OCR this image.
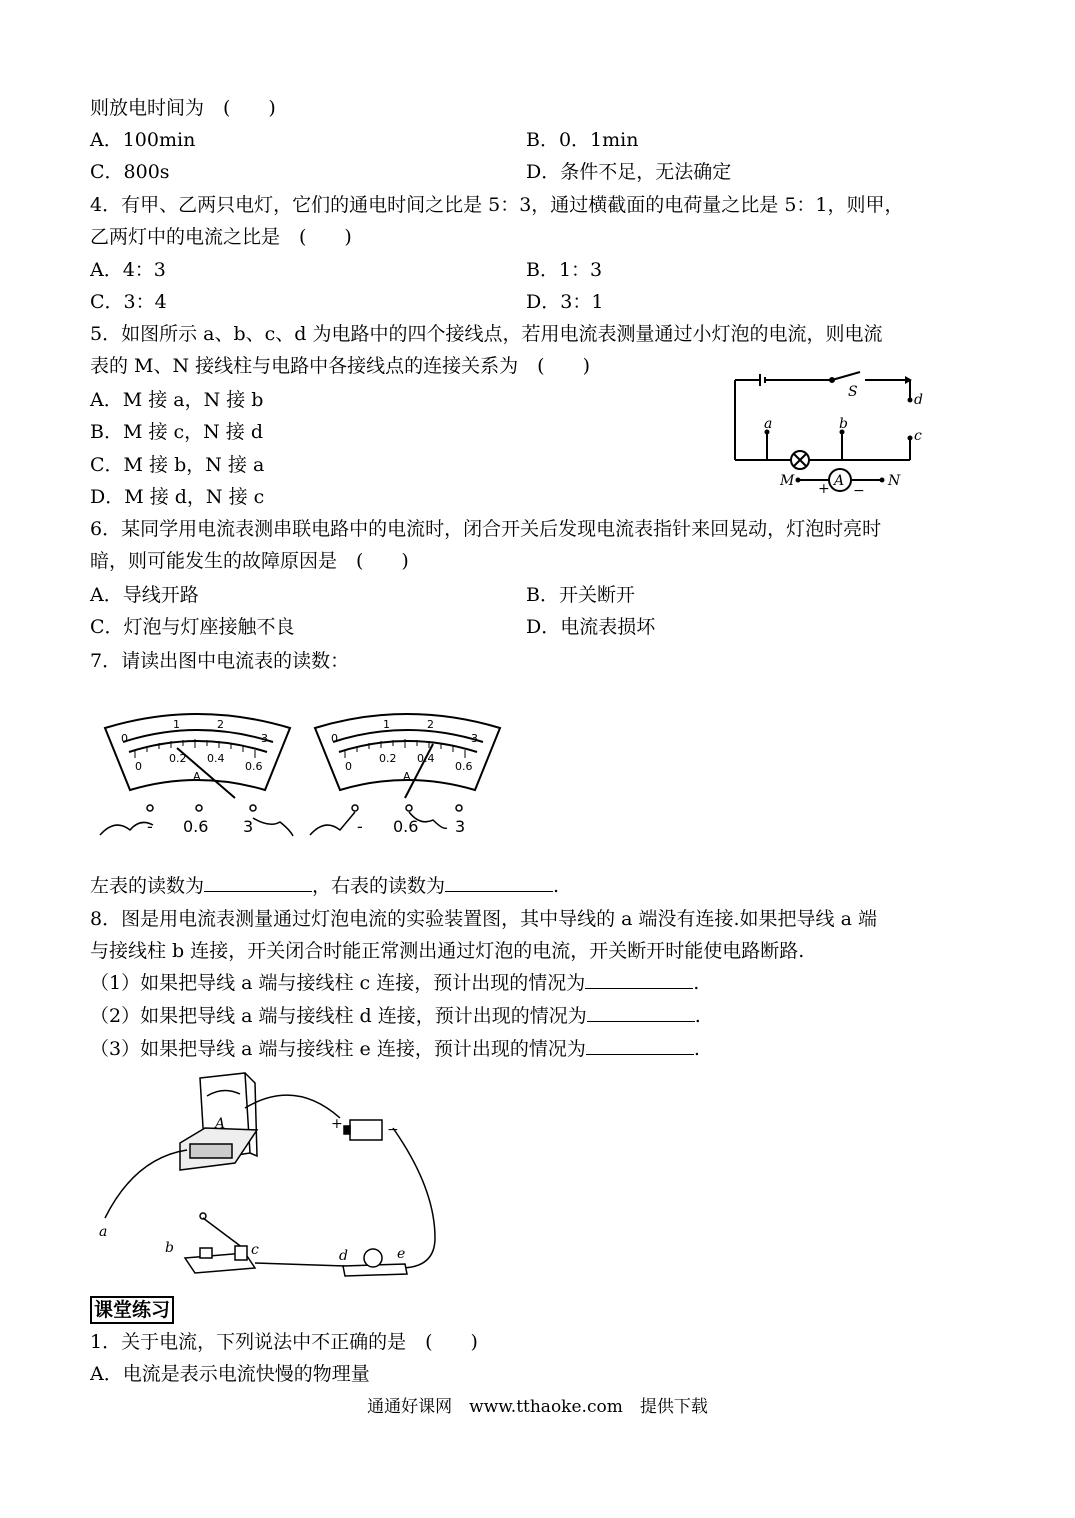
则放电时间为　(　　)
A．100min	B．0．1min
C．800s	D．条件不足，无法确定
4．有甲、乙两只电灯，它们的通电时间之比是 5：3，通过横截面的电荷量之比是 5：1，则甲，
乙两灯中的电流之比是　(　　)
A．4：3	B．1：3
C．3：4	D．3：1
5．如图所示 a、b、c、d 为电路中的四个接线点，若用电流表测量通过小灯泡的电流，则电流
表的 M、N 接线柱与电路中各接线点的连接关系为　(　　)
A．M 接 a，N 接 b
B．M 接 c，N 接 d
C．M 接 b，N 接 a
D．M 接 d，N 接 c
S
a	b
c
d
M	N
A
+ −
6．某同学用电流表测串联电路中的电流时，闭合开关后发现电流表指针来回晃动，灯泡时亮时
暗，则可能发生的故障原因是　(　　)
A．导线开路	B．开关断开
C．灯泡与灯座接触不良	D．电流表损坏
7．请读出图中电流表的读数：
0
1	2
3
0
0.2 0.4
0.6
A
- 0.6 3
0
1	2
3
0
0.2 0.4
0.6
A
- 0.6 3
左表的读数为	，右表的读数为	.
8．图是用电流表测量通过灯泡电流的实验装置图，其中导线的 a 端没有连接.如果把导线 a 端
与接线柱 b 连接，开关闭合时能正常测出通过灯泡的电流，开关断开时能使电路断路.
（1）如果把导线 a 端与接线柱 c 连接，预计出现的情况为	.
（2）如果把导线 a 端与接线柱 d 连接，预计出现的情况为	.
（3）如果把导线 a 端与接线柱 e 连接，预计出现的情况为	.
A	+	−
a
b	c	d	e
课堂练习
1．关于电流，下列说法中不正确的是　(　　)
A．电流是表示电流快慢的物理量
通通好课网　www.tthaoke.com　提供下载
